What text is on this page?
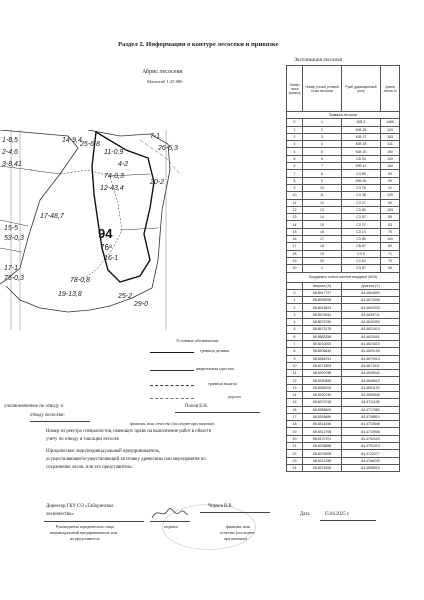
Раздел 2. Информация о контуре лесосеки и привязке
Абрис лесосеки
Масштаб 1:25 000
Экспликация лесосеки
1-8,5
2-4,6
14-9,4
3-8,41
25-6,8
7-1
26-5,3
11-0,9
4-2
74-0,3
12-43,4
20-2
17-48,7
16-1
15-5
53-0,3
17-1
75-0,3	78-0,8
19-13,8	25-2
29-0
94
76⁸
Номер точки (пункта)	Номер (точки) угловой точки лесосеки	Румб (дирекционный угол)	Длина линии, м
Привязка лесосеки			
0	1	ЮВ 3	1485
1	2	ЮВ 25	120
2	3	ЮВ 27	183
3	4	ЮВ 28	311
4	5	ЮВ 15	150
5	6	СВ 54	100
6	7	ЮВ 41	160
7	8	СЗ 89	59
8	9	ЮВ 35	95
9	10	СЗ 76	41
10	11	СЗ 38	120
11	12	СЗ 27	50
12	13	СЗ 80	153
13	14	СЗ 57	85
14	15	СЗ 27	53
15	16	СЗ 14	75
16	17	СЗ 89	100
17	18	СВ 87	80
18	19	СЗ 9	71
19	20	СЗ 62	70
20	1	СЗ 87	95
Координаты точек в системе координат (МСК)			
	Широта (Х)	Долгота (Y)	
0	58.8947727	64.4604800	
1	58.8935999	64.4674306	
2	58.8913624	64.4652333	
3	58.8579944	64.4639711	
4	58.8579760	64.4642453	
5	58.8573175	64.4621913	
6	58.8583356	64.4620401	
7	58.8210000	64.4621610	
8	58.8206840	64.4620100	
9	58.8266791	64.4670913	
10	58.8271804	64.4671911	
11	58.8200788	64.4635942	
12	58.8280486	64.4646510	
13	58.8286200	64.4651120	
14	58.8290740	64.4690540	
15	58.8297016	64.4711108	
16	58.8286600	64.4717982	
17	58.8318680	64.4708810	
18	58.8314256	64.4710548	
19	58.8312708	64.4715946	
20	58.8170701	64.4752009	
21	58.8226658	64.4791013	
22	58.8229008	64.4722277	
23	58.8221285	64.4766240	
24	58.8221590	64.4658910	
Условные обозначения:
граница деляны
квартальная просека
граница выдела
дороги
уполномоченное по отводу и
отводу лесосеки:
Попов Б.Н.
фамилия, имя, отчество (последнее при наличии)
Номер из реестра специалистов, имеющих право на выполнение работ в области
учету по отводу и таксации лесосек
Юридическое лицо/индивидуальный предприниматель,
осуществляющее/осуществляющий заготовку древесины или мероприятия по
сохранению лесов, или его представитель:
Директор ГКУ СО «Таборинское
лесничество»
Чирков В.В.
Дата	15.04.2025 г.
Руководитель юридического лица,
индивидуальный предприниматель или
их представитель
подпись	фамилия, имя,
отчество (последнее
при наличии)
